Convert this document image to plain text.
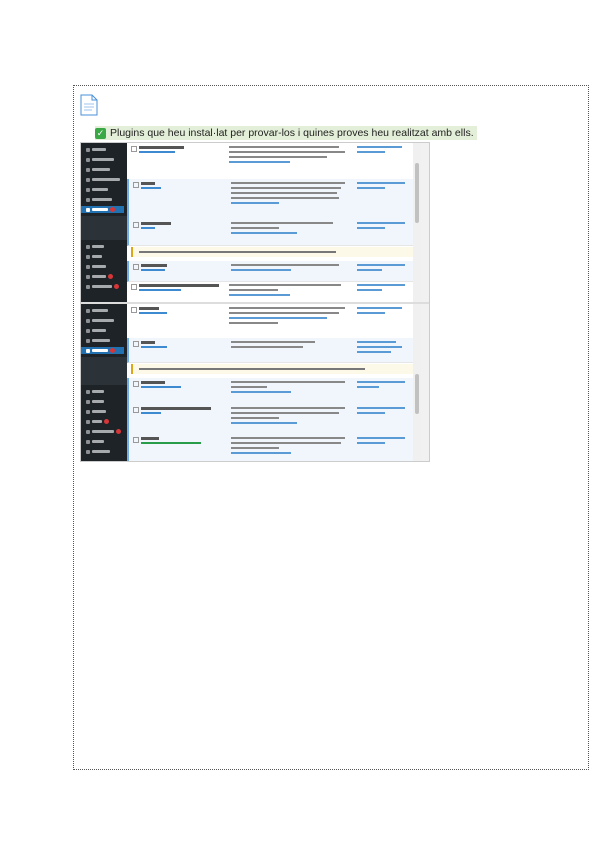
✓ Plugins que heu instal·lat per provar-los i quines proves heu realitzat amb ells.
